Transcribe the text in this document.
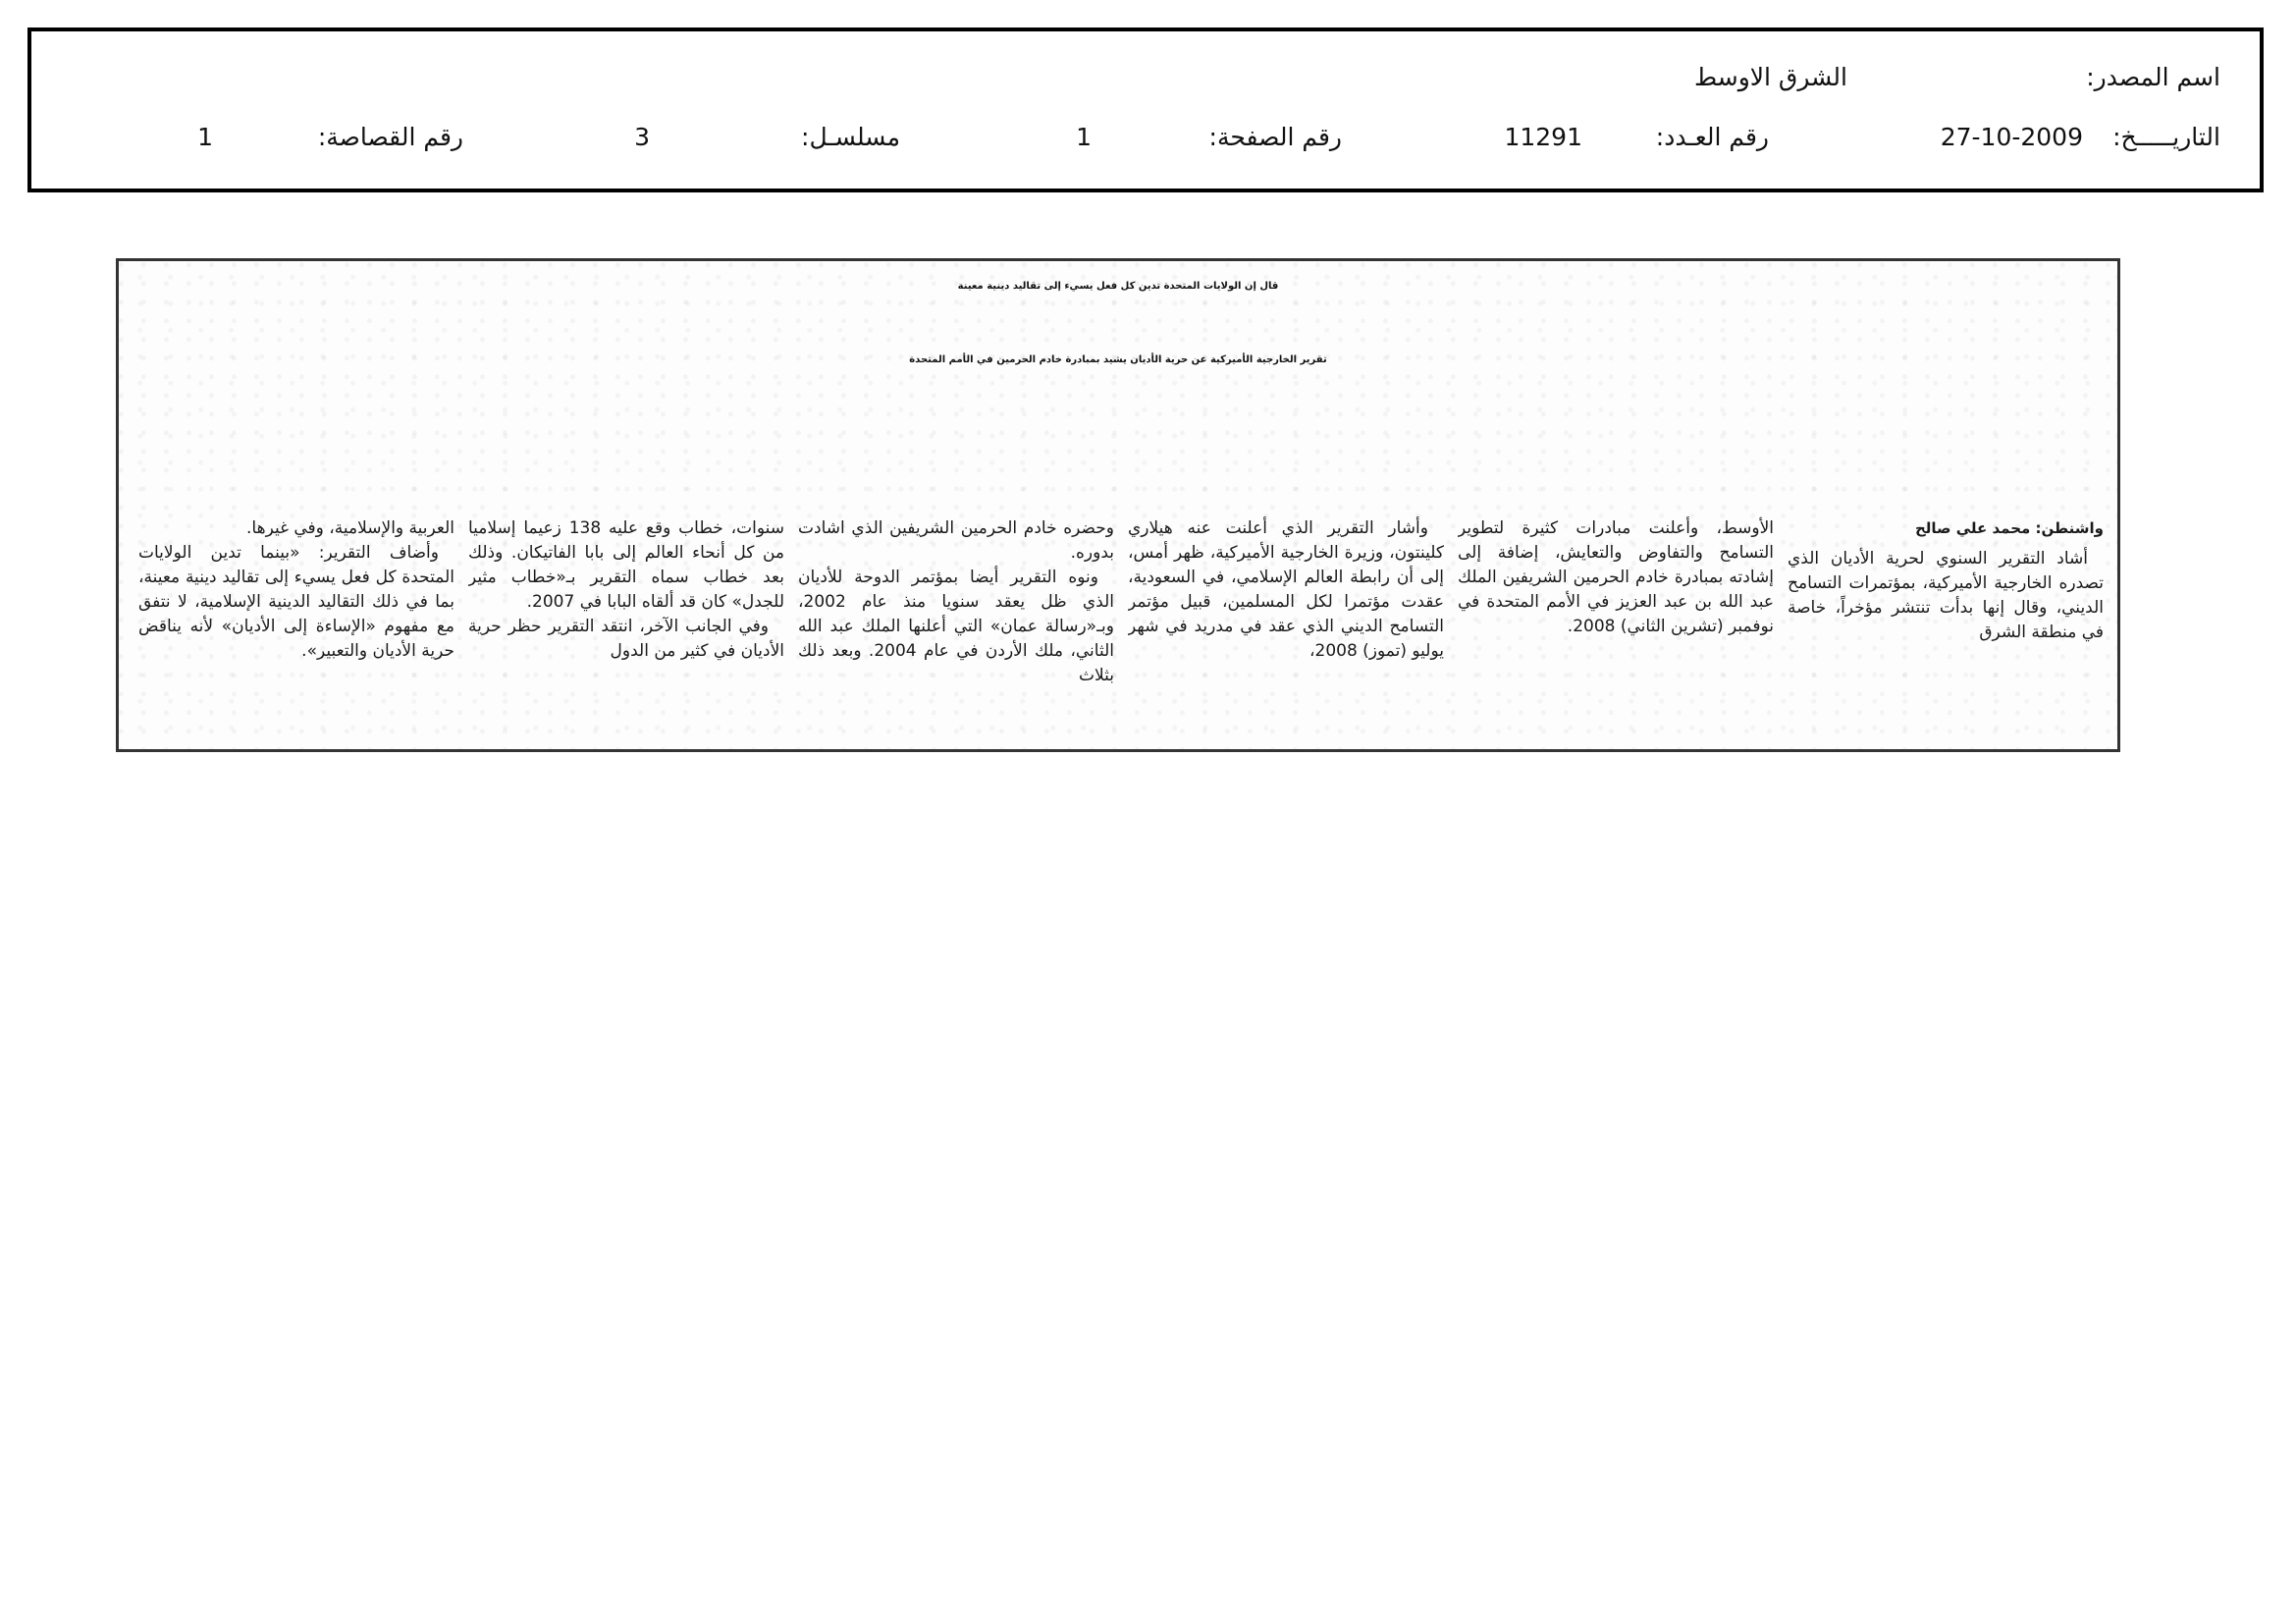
اسم المصدر:
الشرق الاوسط
التاريـــــخ:
27-10-2009
رقم العـدد:
11291
رقم الصفحة:
1
مسلسـل:
3
رقم القصاصة:
1
قال إن الولايات المتحدة تدين كل فعل يسيء إلى تقاليد دينية معينة
تقرير الخارجية الأميركية عن حرية الأديان يشيد بمبادرة خادم الحرمين في الأمم المتحدة
واشنطن: محمد علي صالح
أشاد التقرير السنوي لحرية الأديان الذي تصدره الخارجية الأميركية، بمؤتمرات التسامح الديني، وقال إنها بدأت تنتشر مؤخراً، خاصة في منطقة الشرق
الأوسط، وأعلنت مبادرات كثيرة لتطوير التسامح والتفاوض والتعايش، إضافة إلى إشادته بمبادرة خادم الحرمين الشريفين الملك عبد الله بن عبد العزيز في الأمم المتحدة في نوفمبر (تشرين الثاني) 2008.
وأشار التقرير الذي أعلنت عنه هيلاري كلينتون، وزيرة الخارجية الأميركية، ظهر أمس، إلى أن رابطة العالم الإسلامي، في السعودية، عقدت مؤتمرا لكل المسلمين، قبيل مؤتمر التسامح الديني الذي عقد في مدريد في شهر يوليو (تموز) 2008،
وحضره خادم الحرمين الشريفين الذي اشادت بدوره.
ونوه التقرير أيضا بمؤتمر الدوحة للأديان الذي ظل يعقد سنويا منذ عام 2002، وبـ«رسالة عمان» التي أعلنها الملك عبد الله الثاني، ملك الأردن في عام 2004. وبعد ذلك بثلاث
سنوات، خطاب وقع عليه 138 زعيما إسلاميا من كل أنحاء العالم إلى بابا الفاتيكان. وذلك بعد خطاب سماه التقرير بـ«خطاب مثير للجدل» كان قد ألقاه البابا في 2007.
وفي الجانب الآخر، انتقد التقرير حظر حرية الأديان في كثير من الدول
العربية والإسلامية، وفي غيرها.
وأضاف التقرير: «بينما تدين الولايات المتحدة كل فعل يسيء إلى تقاليد دينية معينة، بما في ذلك التقاليد الدينية الإسلامية، لا نتفق مع مفهوم «الإساءة إلى الأديان» لأنه يناقض حرية الأديان والتعبير».
